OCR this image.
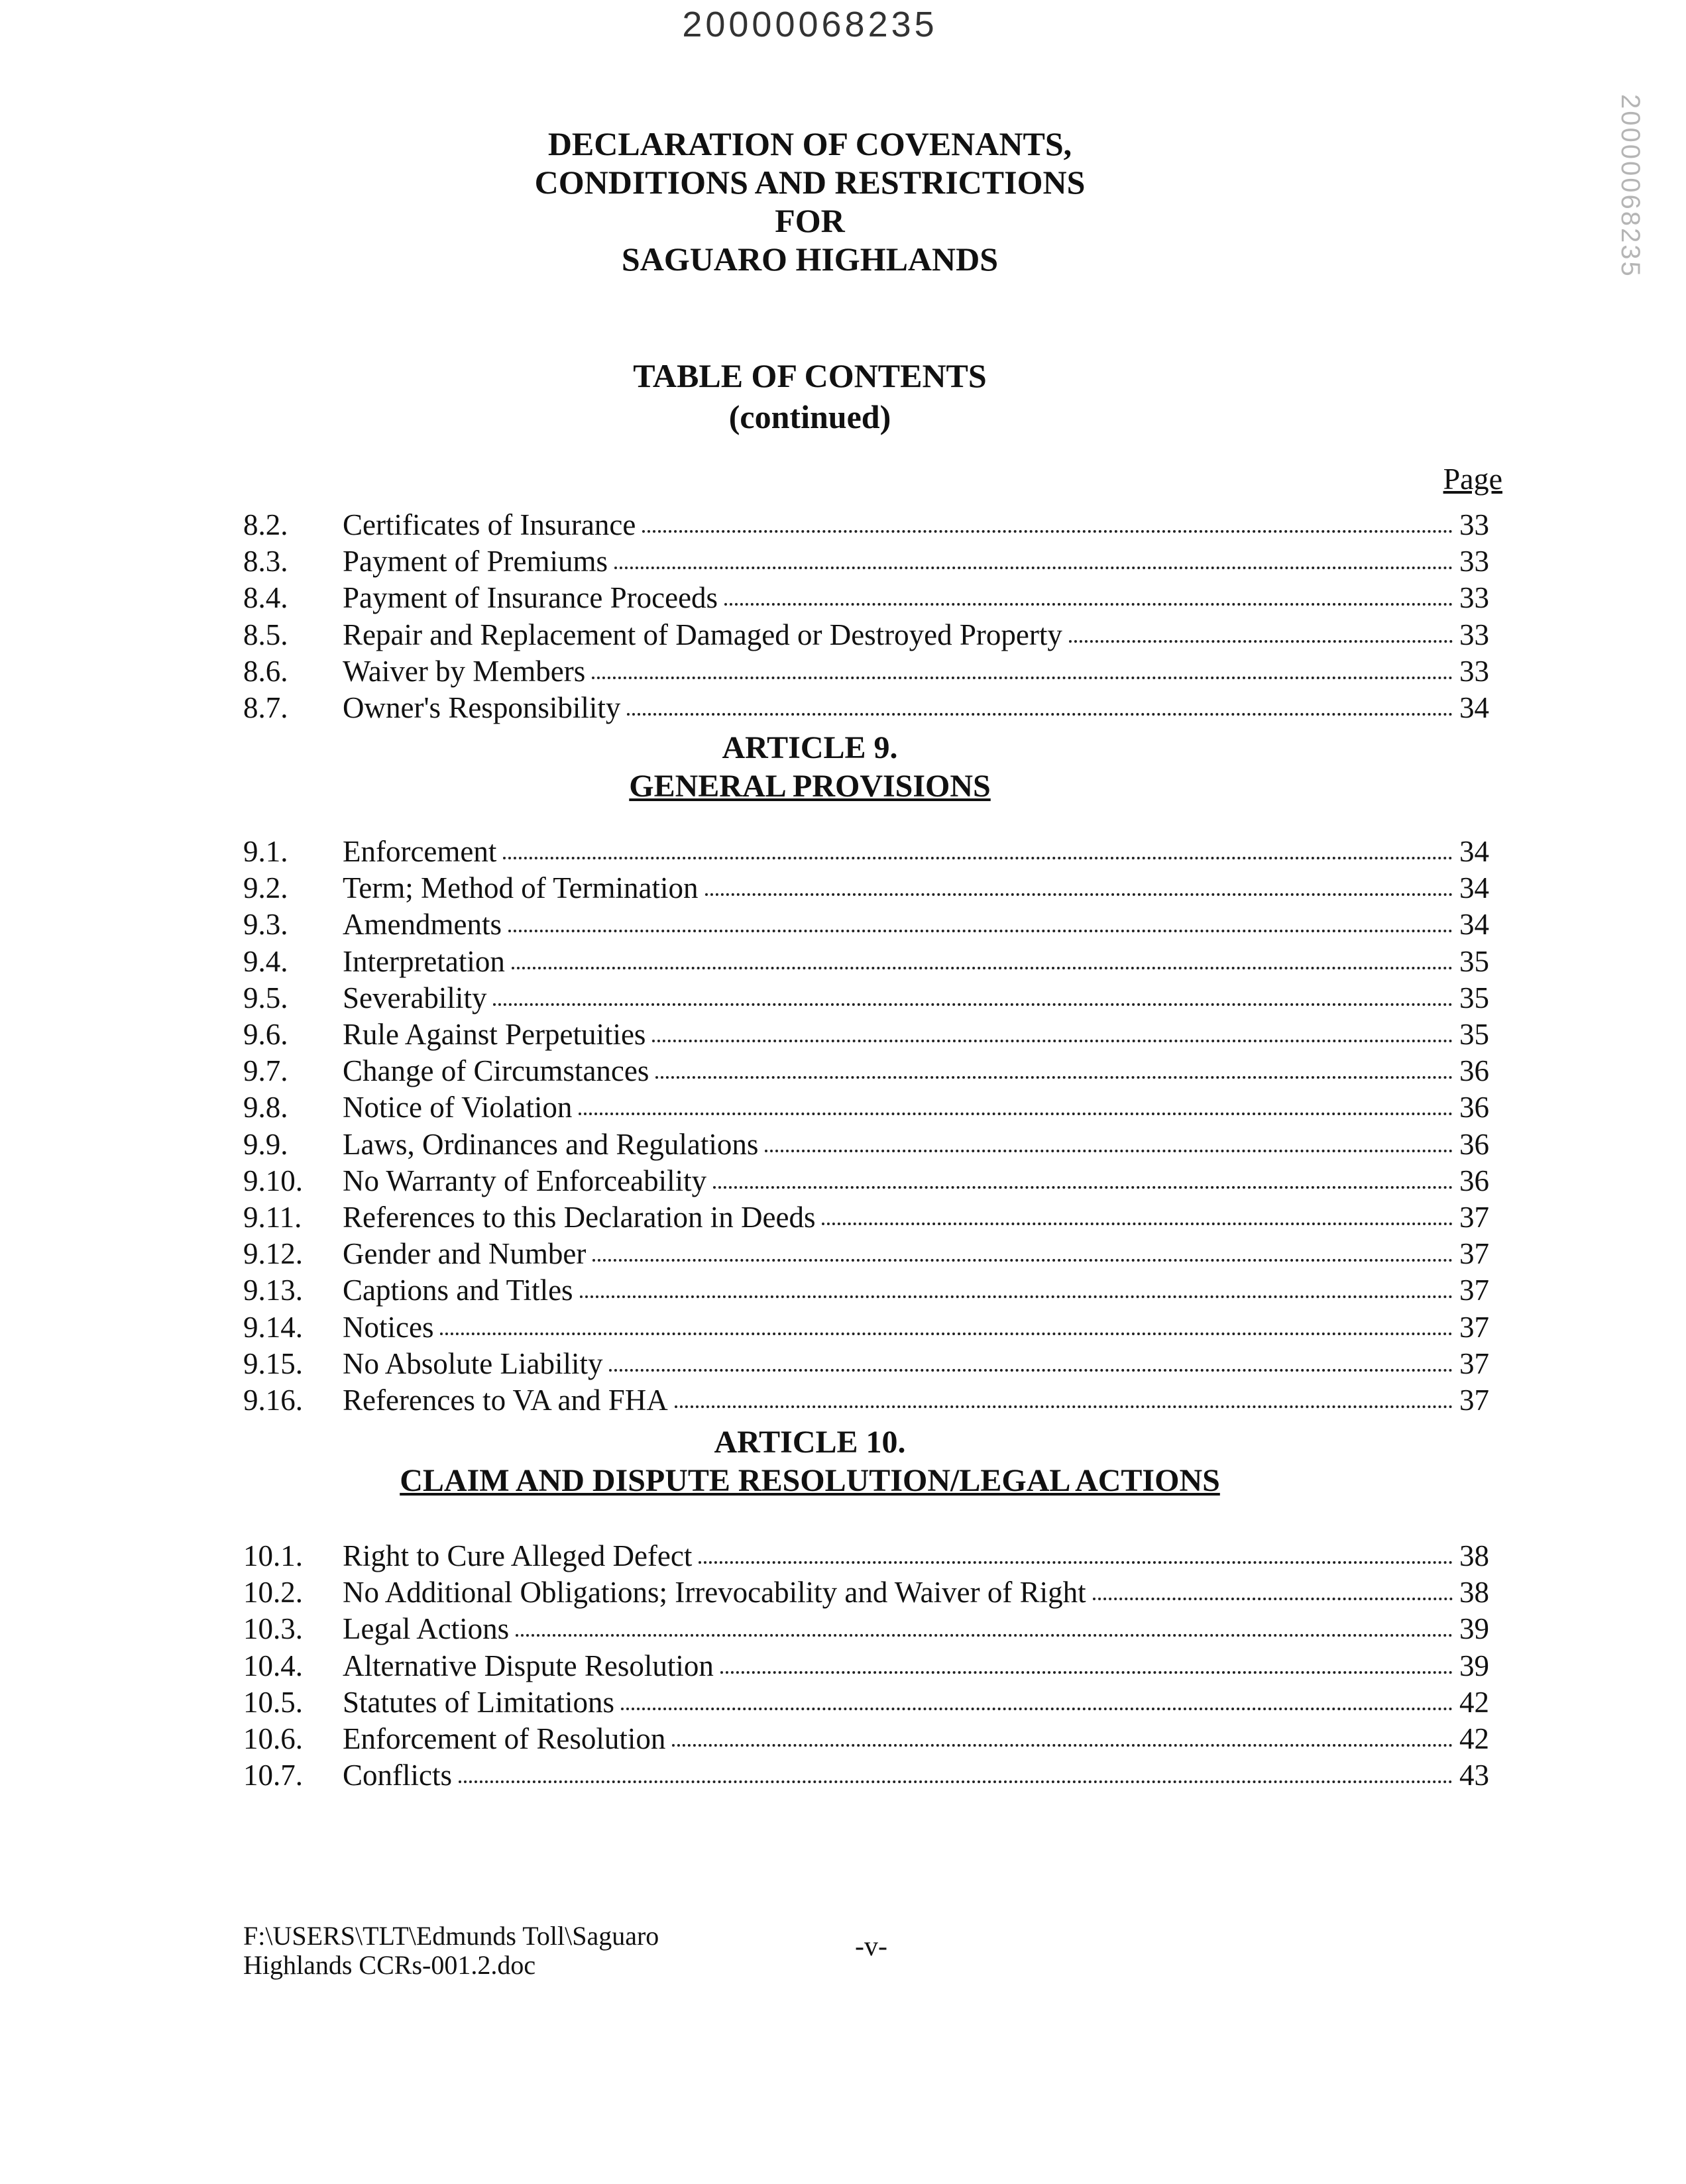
20000068235
20000068235
DECLARATION OF COVENANTS,
CONDITIONS AND RESTRICTIONS
FOR
SAGUARO HIGHLANDS
TABLE OF CONTENTS
(continued)
Page
8.2. Certificates of Insurance	33
8.3. Payment of Premiums	33
8.4. Payment of Insurance Proceeds	33
8.5. Repair and Replacement of Damaged or Destroyed Property	33
8.6. Waiver by Members	33
8.7. Owner's Responsibility	34
ARTICLE 9.
GENERAL PROVISIONS
9.1. Enforcement	34
9.2. Term; Method of Termination	34
9.3. Amendments	34
9.4. Interpretation	35
9.5. Severability	35
9.6. Rule Against Perpetuities	35
9.7. Change of Circumstances	36
9.8. Notice of Violation	36
9.9. Laws, Ordinances and Regulations	36
9.10. No Warranty of Enforceability	36
9.11. References to this Declaration in Deeds	37
9.12. Gender and Number	37
9.13. Captions and Titles	37
9.14. Notices	37
9.15. No Absolute Liability	37
9.16. References to VA and FHA	37
ARTICLE 10.
CLAIM AND DISPUTE RESOLUTION/LEGAL ACTIONS
10.1. Right to Cure Alleged Defect	38
10.2. No Additional Obligations; Irrevocability and Waiver of Right	38
10.3. Legal Actions	39
10.4. Alternative Dispute Resolution	39
10.5. Statutes of Limitations	42
10.6. Enforcement of Resolution	42
10.7. Conflicts	43
F:\USERS\TLT\Edmunds Toll\Saguaro
Highlands CCRs-001.2.doc
-v-
